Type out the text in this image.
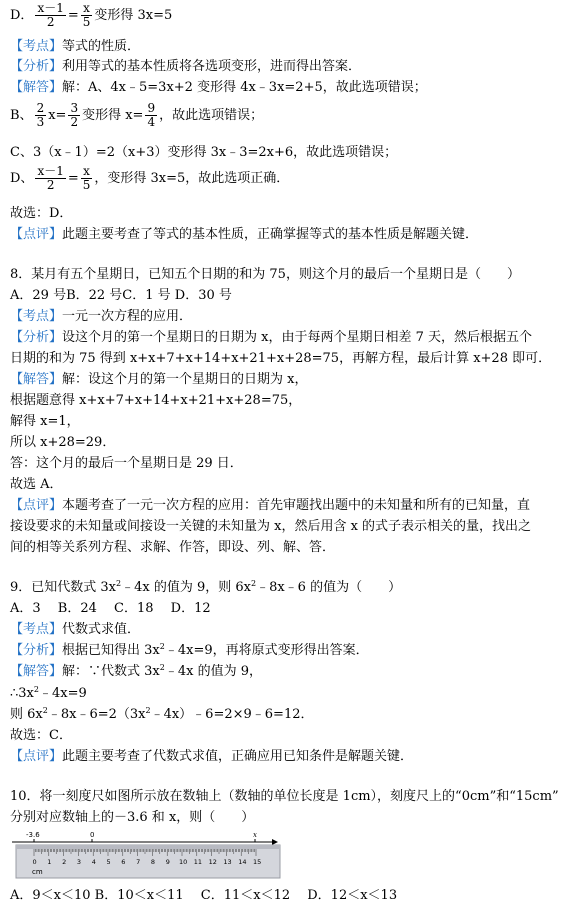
D． $\frac{x-1}{2} = \frac{x}{5}$ 变形得 3x=5
【考点】等式的性质．
【分析】利用等式的基本性质将各选项变形，进而得出答案．
【解答】解：A、4x﹣5=3x+2 变形得 4x﹣3x=2+5，故此选项错误；
B、 $\frac{2}{3} x= \frac{3}{2}$ 变形得 $x= \frac{9}{4}$ ，故此选项错误；
C、3（x﹣1）=2（x+3）变形得 3x﹣3=2x+6，故此选项错误；
D、 $\frac{x-1}{2} = \frac{x}{5}$ ，变形得 3x=5，故此选项正确．
故选：D．
【点评】此题主要考查了等式的基本性质，正确掌握等式的基本性质是解题关键．
8．某月有五个星期日，已知五个日期的和为 75，则这个月的最后一个星期日是（　　）
A．29 号B．22 号C．1 号 D．30 号
【考点】一元一次方程的应用．
【分析】设这个月的第一个星期日的日期为 x，由于每两个星期日相差 7 天，然后根据五个
日期的和为 75 得到 x+x+7+x+14+x+21+x+28=75，再解方程，最后计算 x+28 即可．
【解答】解：设这个月的第一个星期日的日期为 x，
根据题意得 x+x+7+x+14+x+21+x+28=75，
解得 x=1，
所以 x+28=29．
答：这个月的最后一个星期日是 29 日．
故选 A．
【点评】本题考查了一元一次方程的应用：首先审题找出题中的未知量和所有的已知量，直
接设要求的未知量或间接设一关键的未知量为 x，然后用含 x 的式子表示相关的量，找出之
间的相等关系列方程、求解、作答，即设、列、解、答．
9．已知代数式 $3x^2﹣4x$ 的值为 9，则 $6x^2﹣8x﹣6$ 的值为（　　）
A．3　 B．24　 C．18　 D．12
【考点】代数式求值．
【分析】根据已知得出 $3x^2﹣4x=9$，再将原式变形得出答案．
【解答】解：∵代数式 $3x^2﹣4x$ 的值为 9，
$\therefore 3x^2﹣4x=9$
则 $6x^2﹣8x﹣6=2(3x^2﹣4x)﹣6=2\times 9﹣6=12$．
故选：C．
【点评】此题主要考查了代数式求值，正确应用已知条件是解题关键．
10．将一刻度尺如图所示放在数轴上（数轴的单位长度是 1cm），刻度尺上的“0cm”和“15cm”
分别对应数轴上的－3.6 和 x，则（　　）
-3.6	0	x
0 1 2 3 4 5 6 7 8 9 10 11 12 13 14 15
cm
A．9＜x＜10 B．10＜x＜11　 C．11＜x＜12　 D．12＜x＜13
